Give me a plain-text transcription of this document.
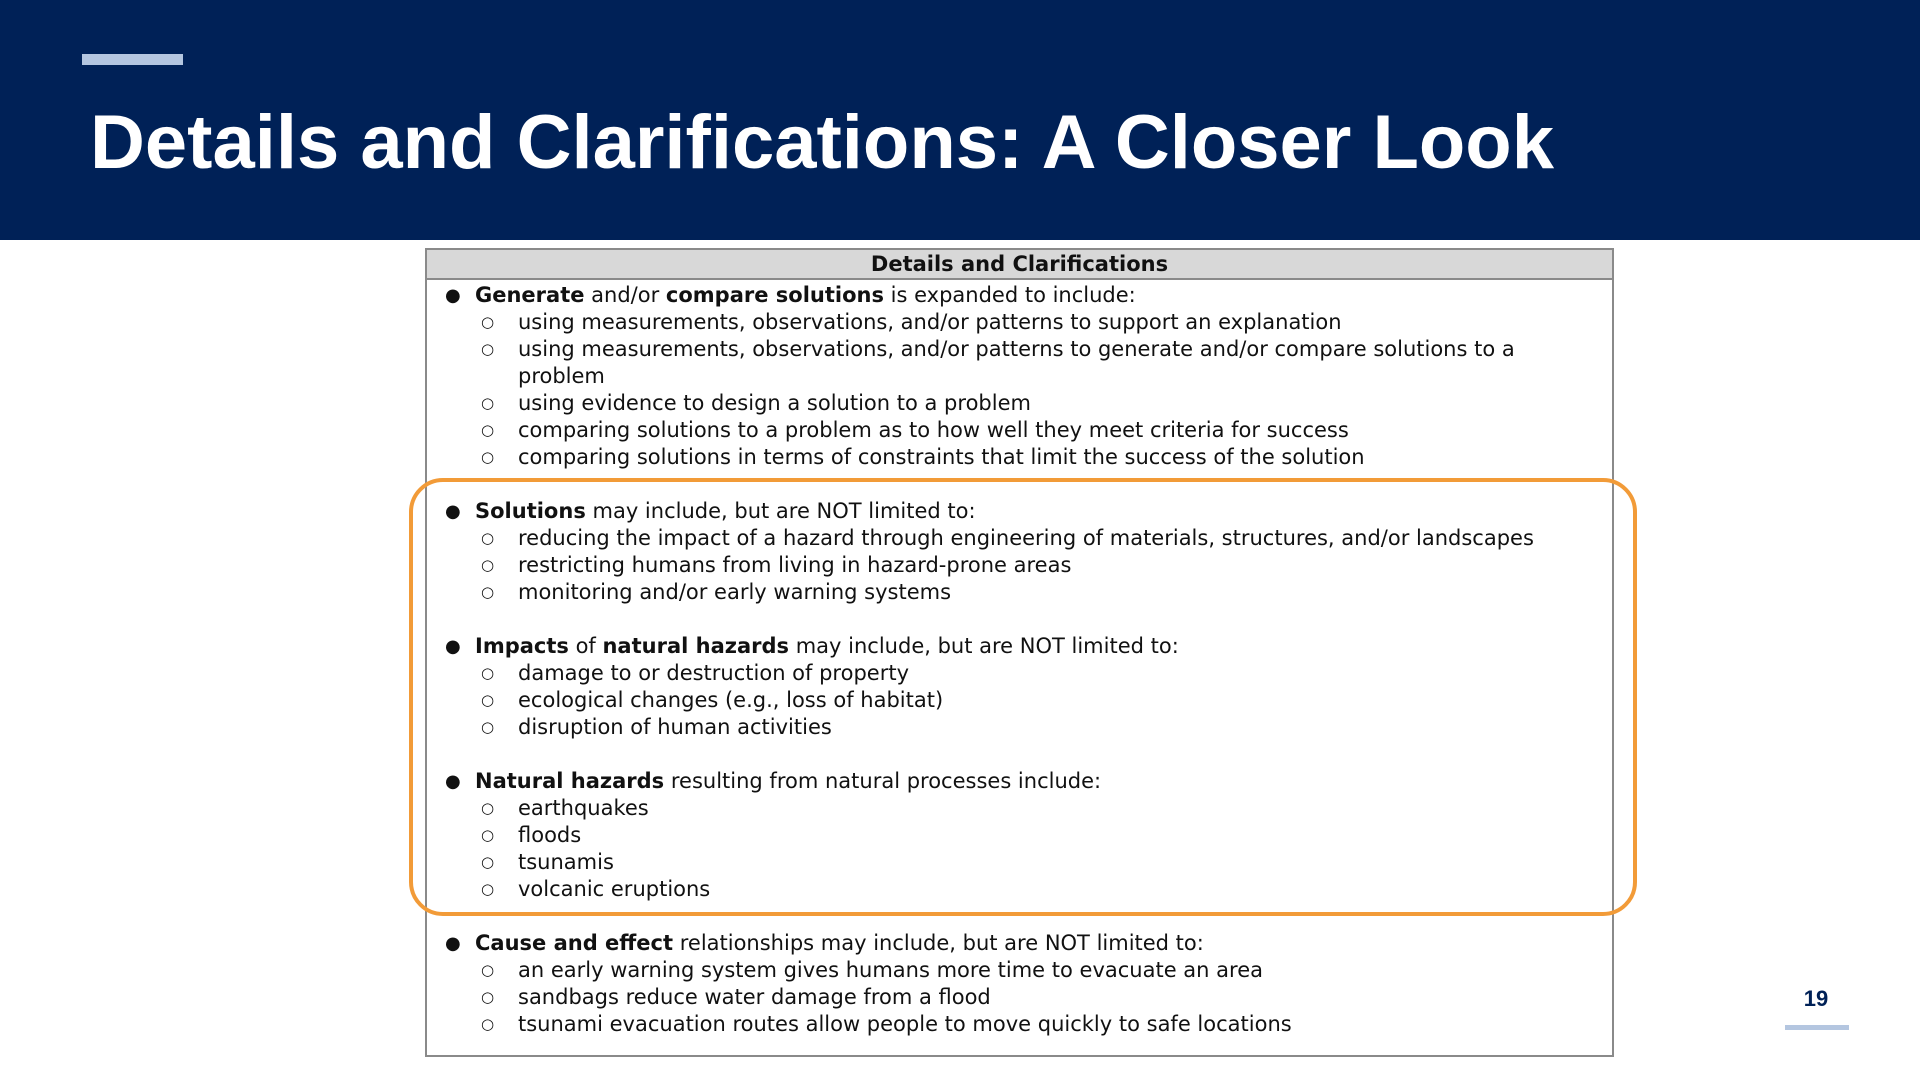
Details and Clarifications: A Closer Look
Details and Clarifications
● Generate and/or compare solutions is expanded to include:
○ using measurements, observations, and/or patterns to support an explanation
○ using measurements, observations, and/or patterns to generate and/or compare solutions to a problem
○ using evidence to design a solution to a problem
○ comparing solutions to a problem as to how well they meet criteria for success
○ comparing solutions in terms of constraints that limit the success of the solution
● Solutions may include, but are NOT limited to:
○ reducing the impact of a hazard through engineering of materials, structures, and/or landscapes
○ restricting humans from living in hazard-prone areas
○ monitoring and/or early warning systems
● Impacts of natural hazards may include, but are NOT limited to:
○ damage to or destruction of property
○ ecological changes (e.g., loss of habitat)
○ disruption of human activities
● Natural hazards resulting from natural processes include:
○ earthquakes
○ floods
○ tsunamis
○ volcanic eruptions
● Cause and effect relationships may include, but are NOT limited to:
○ an early warning system gives humans more time to evacuate an area
○ sandbags reduce water damage from a flood
○ tsunami evacuation routes allow people to move quickly to safe locations
19
